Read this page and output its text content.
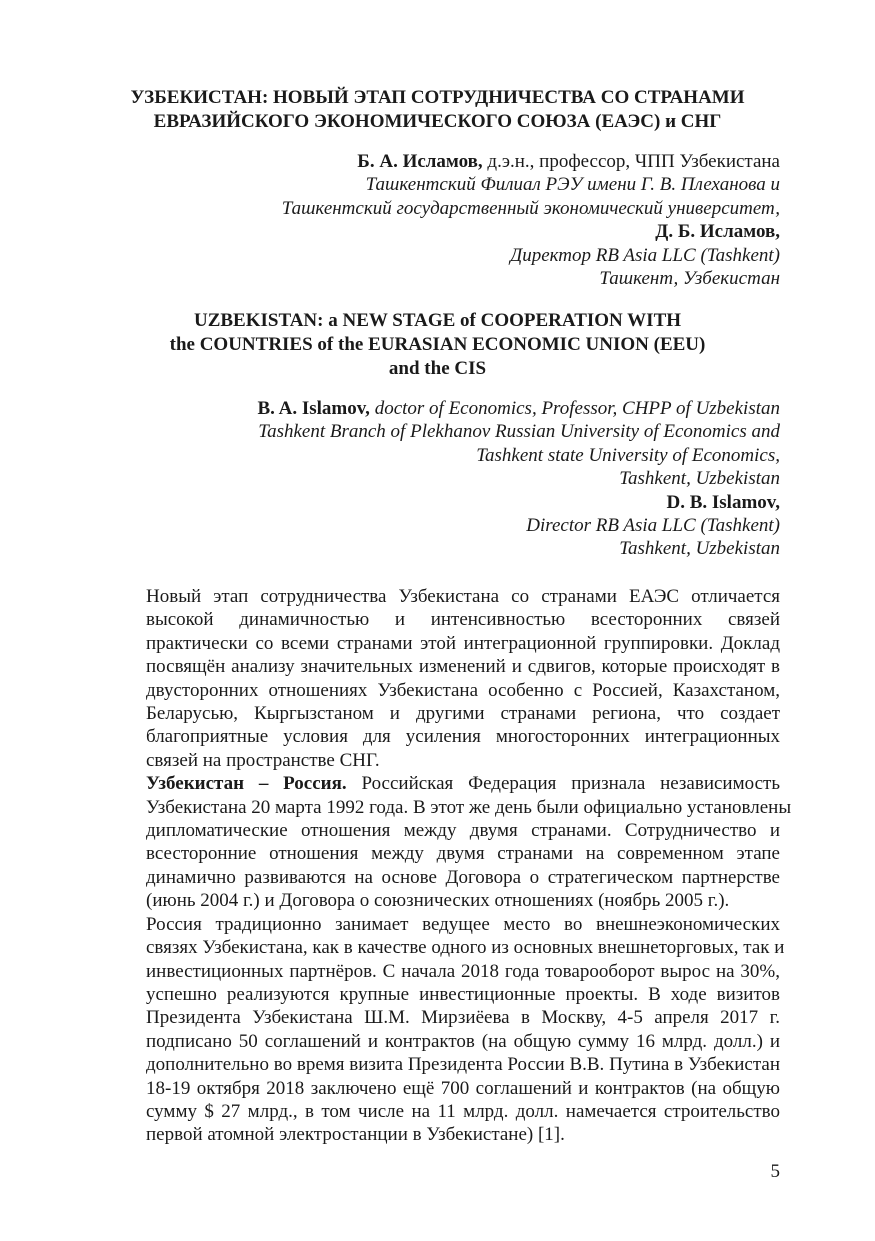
УЗБЕКИСТАН: НОВЫЙ ЭТАП СОТРУДНИЧЕСТВА СО СТРАНАМИ
ЕВРАЗИЙСКОГО ЭКОНОМИЧЕСКОГО СОЮЗА (ЕАЭС) и СНГ
Б. А. Исламов, д.э.н., профессор, ЧПП Узбекистана
Ташкентский Филиал РЭУ имени Г. В. Плеханова и
Ташкентский государственный экономический университет,
Д. Б. Исламов,
Директор RB Asia LLC (Tashkent)
Ташкент, Узбекистан
UZBEKISTAN: a NEW STAGE of COOPERATION WITH
the COUNTRIES of the EURASIAN ECONOMIC UNION (EEU)
and the CIS
B. A. Islamov, doctor of Economics, Professor, CHPP of Uzbekistan
Tashkent Branch of Plekhanov Russian University of Economics and
Tashkent state University of Economics,
Tashkent, Uzbekistan
D. B. Islamov,
Director RB Asia LLC (Tashkent)
Tashkent, Uzbekistan

Новый этап сотрудничества Узбекистана со странами ЕАЭС отличается
высокой динамичностью и интенсивностью всесторонних связей
практически со всеми странами этой интеграционной группировки. Доклад
посвящён анализу значительных изменений и сдвигов, которые происходят в
двусторонних отношениях Узбекистана особенно с Россией, Казахстаном,
Беларусью, Кыргызстаном и другими странами региона, что создает
благоприятные условия для усиления многосторонних интеграционных
связей на пространстве СНГ.

Узбекистан – Россия. Российская Федерация признала независимость
Узбекистана 20 марта 1992 года. В этот же день были официально установлены
дипломатические отношения между двумя странами. Сотрудничество и
всесторонние отношения между двумя странами на современном этапе
динамично развиваются на основе Договора о стратегическом партнерстве
(июнь 2004 г.) и Договора о союзнических отношениях (ноябрь 2005 г.).

Россия традиционно занимает ведущее место во внешнеэкономических
связях Узбекистана, как в качестве одного из основных внешнеторговых, так и
инвестиционных партнёров. С начала 2018 года товарооборот вырос на 30%,
успешно реализуются крупные инвестиционные проекты. В ходе визитов
Президента Узбекистана Ш.М. Мирзиёева в Москву, 4-5 апреля 2017 г.
подписано 50 соглашений и контрактов (на общую сумму 16 млрд. долл.) и
дополнительно во время визита Президента России В.В. Путина в Узбекистан
18-19 октября 2018 заключено ещё 700 соглашений и контрактов (на общую
сумму $ 27 млрд., в том числе на 11 млрд. долл. намечается строительство
первой атомной электростанции в Узбекистане) [1].

5
